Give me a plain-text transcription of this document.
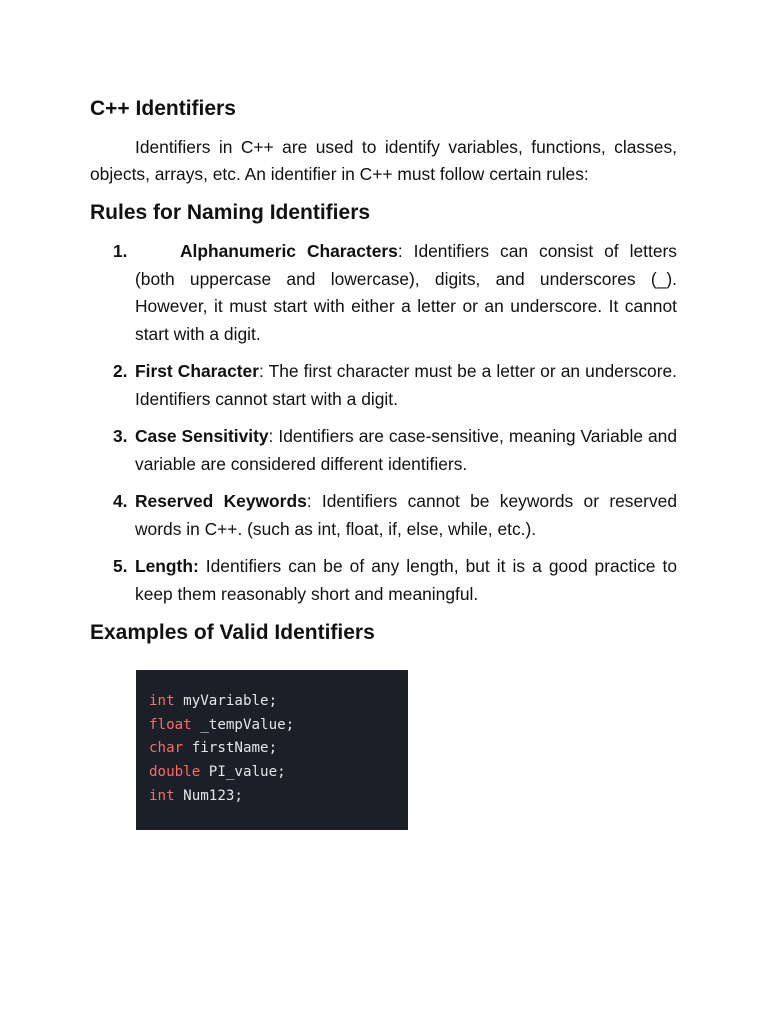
C++ Identifiers

Identifiers in C++ are used to identify variables, functions, classes, objects, arrays, etc. An identifier in C++ must follow certain rules:

Rules for Naming Identifiers
1.	Alphanumeric Characters: Identifiers can consist of letters (both uppercase and lowercase), digits, and underscores (_). However, it must start with either a letter or an underscore. It cannot start with a digit.
2. First Character: The first character must be a letter or an underscore. Identifiers cannot start with a digit.
3. Case Sensitivity: Identifiers are case-sensitive, meaning Variable and variable are considered different identifiers.
4. Reserved Keywords: Identifiers cannot be keywords or reserved words in C++. (such as int, float, if, else, while, etc.).
5. Length: Identifiers can be of any length, but it is a good practice to keep them reasonably short and meaningful.
Examples of Valid Identifiers
int myVariable;
float _tempValue;
char firstName;
double PI_value;
int Num123;
